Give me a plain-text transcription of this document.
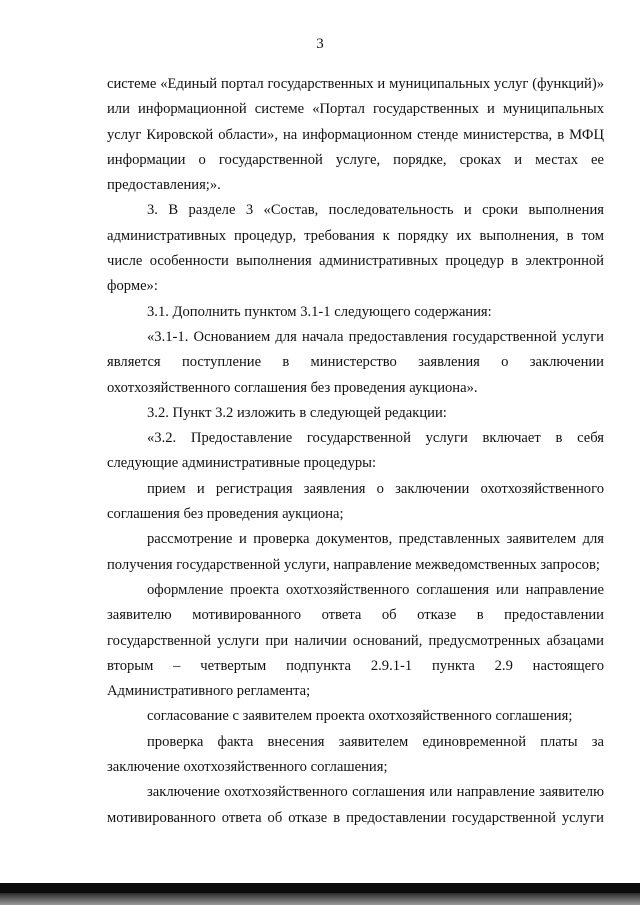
3

системе «Единый портал государственных и муниципальных услуг (функций)» или информационной системе «Портал государственных и муниципальных услуг Кировской области», на информационном стенде министерства, в МФЦ информации о государственной услуге, порядке, сроках и местах ее предоставления;».

3. В разделе 3 «Состав, последовательность и сроки выполнения административных процедур, требования к порядку их выполнения, в том числе особенности выполнения административных процедур в электронной форме»:

3.1. Дополнить пунктом 3.1-1 следующего содержания:

«3.1-1. Основанием для начала предоставления государственной услуги является поступление в министерство заявления о заключении охотхозяйственного соглашения без проведения аукциона».

3.2. Пункт 3.2 изложить в следующей редакции:

«3.2. Предоставление государственной услуги включает в себя следующие административные процедуры:

прием и регистрация заявления о заключении охотхозяйственного соглашения без проведения аукциона;

рассмотрение и проверка документов, представленных заявителем для получения государственной услуги, направление межведомственных запросов;

оформление проекта охотхозяйственного соглашения или направление заявителю мотивированного ответа об отказе в предоставлении государственной услуги при наличии оснований, предусмотренных абзацами вторым – четвертым подпункта 2.9.1-1 пункта 2.9 настоящего Административного регламента;

согласование с заявителем проекта охотхозяйственного соглашения;

проверка факта внесения заявителем единовременной платы за заключение охотхозяйственного соглашения;

заключение охотхозяйственного соглашения или направление заявителю мотивированного ответа об отказе в предоставлении государственной услуги
